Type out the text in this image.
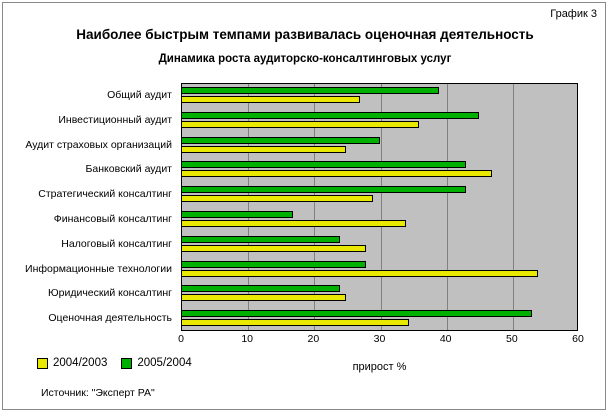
График 3
Наиболее быстрым темпами развивалась оценочная деятельность
Динамика роста аудиторско-консалтинговых услуг
Общий аудит
Инвестиционный аудит
Аудит страховых организаций
Банковский аудит
Стратегический консалтинг
Финансовый консалтинг
Налоговый консалтинг
Информационные технологии
Юридический консалтинг
Оценочная деятельность
0	10	20	30	40	50	60
прирост %
2004/2003	2005/2004
Источник: "Эксперт РА"
